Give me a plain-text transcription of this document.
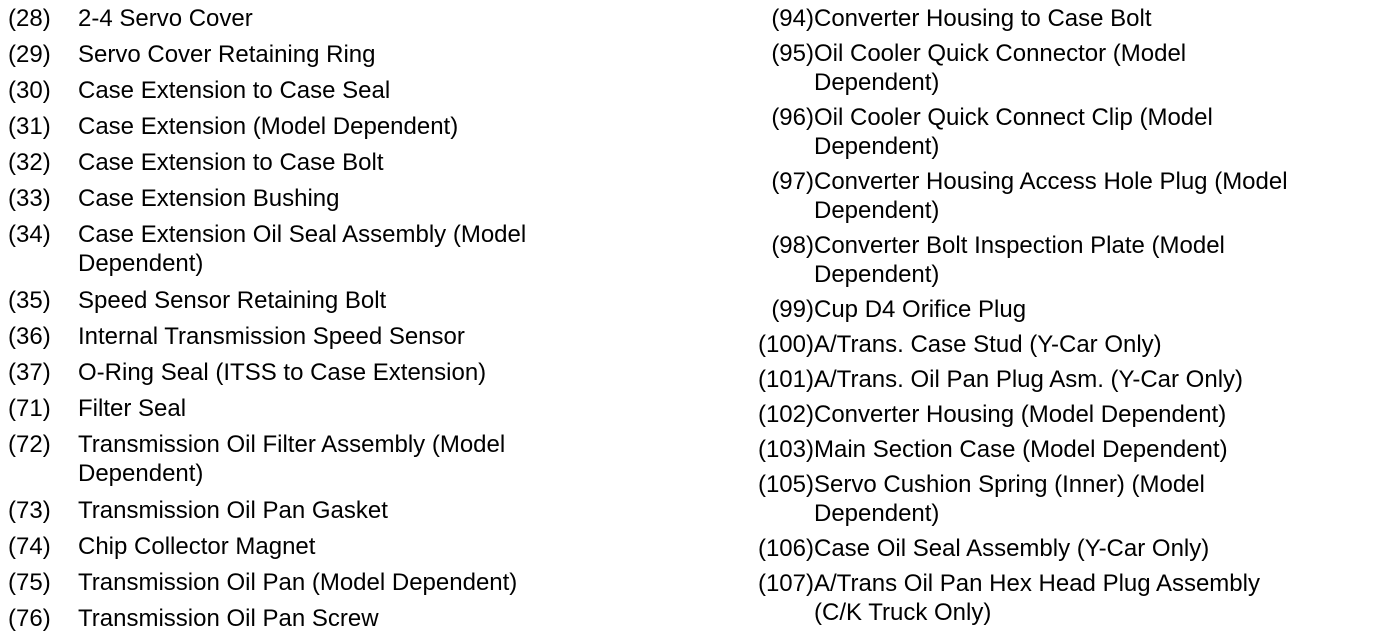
(28)	2-4 Servo Cover
(29)	Servo Cover Retaining Ring
(30)	Case Extension to Case Seal
(31)	Case Extension (Model Dependent)
(32)	Case Extension to Case Bolt
(33)	Case Extension Bushing
(34)	Case Extension Oil Seal Assembly (Model
Dependent)
(35)	Speed Sensor Retaining Bolt
(36)	Internal Transmission Speed Sensor
(37)	O-Ring Seal (ITSS to Case Extension)
(71)	Filter Seal
(72)	Transmission Oil Filter Assembly (Model
Dependent)
(73)	Transmission Oil Pan Gasket
(74)	Chip Collector Magnet
(75)	Transmission Oil Pan (Model Dependent)
(76)	Transmission Oil Pan Screw
(94) Converter Housing to Case Bolt
(95) Oil Cooler Quick Connector (Model
Dependent)
(96) Oil Cooler Quick Connect Clip (Model
Dependent)
(97) Converter Housing Access Hole Plug (Model
Dependent)
(98) Converter Bolt Inspection Plate (Model
Dependent)
(99) Cup D4 Orifice Plug
(100) A/Trans. Case Stud (Y-Car Only)
(101) A/Trans. Oil Pan Plug Asm. (Y-Car Only)
(102) Converter Housing (Model Dependent)
(103) Main Section Case (Model Dependent)
(105) Servo Cushion Spring (Inner) (Model
Dependent)
(106) Case Oil Seal Assembly (Y-Car Only)
(107) A/Trans Oil Pan Hex Head Plug Assembly
(C/K Truck Only)
